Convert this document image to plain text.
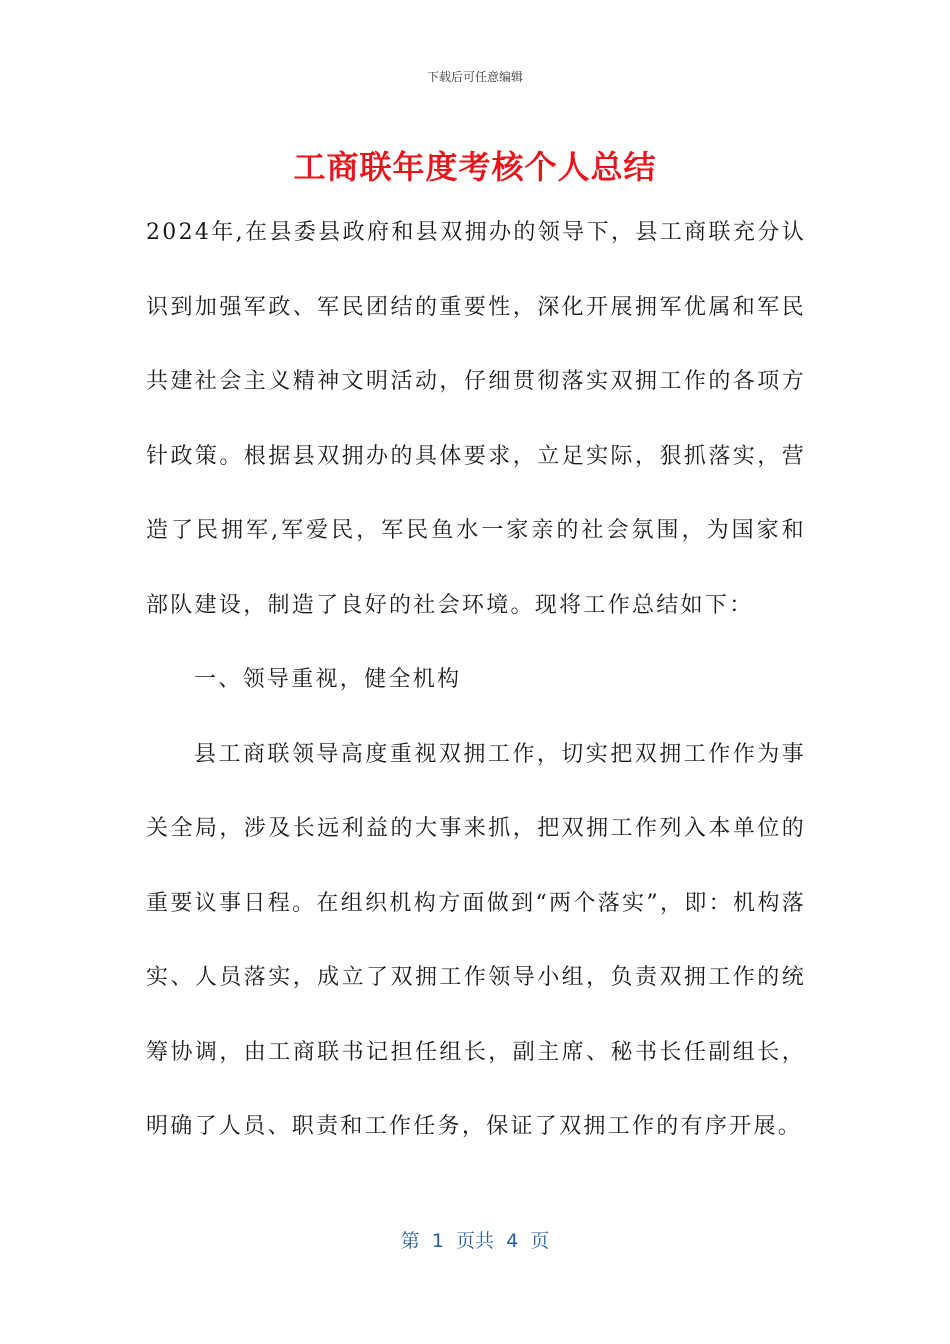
下载后可任意编辑
工商联年度考核个人总结

2024年,在县委县政府和县双拥办的领导下，县工商联充分认识到加强军政、军民团结的重要性，深化开展拥军优属和军民共建社会主义精神文明活动，仔细贯彻落实双拥工作的各项方针政策。根据县双拥办的具体要求，立足实际，狠抓落实，营造了民拥军,军爱民，军民鱼水一家亲的社会氛围，为国家和部队建设，制造了良好的社会环境。现将工作总结如下：

一、领导重视，健全机构

县工商联领导高度重视双拥工作，切实把双拥工作作为事关全局，涉及长远利益的大事来抓，把双拥工作列入本单位的重要议事日程。在组织机构方面做到“两个落实”，即：机构落实、人员落实，成立了双拥工作领导小组，负责双拥工作的统筹协调，由工商联书记担任组长，副主席、秘书长任副组长，明确了人员、职责和工作任务，保证了双拥工作的有序开展。

第  1  页共  4  页
